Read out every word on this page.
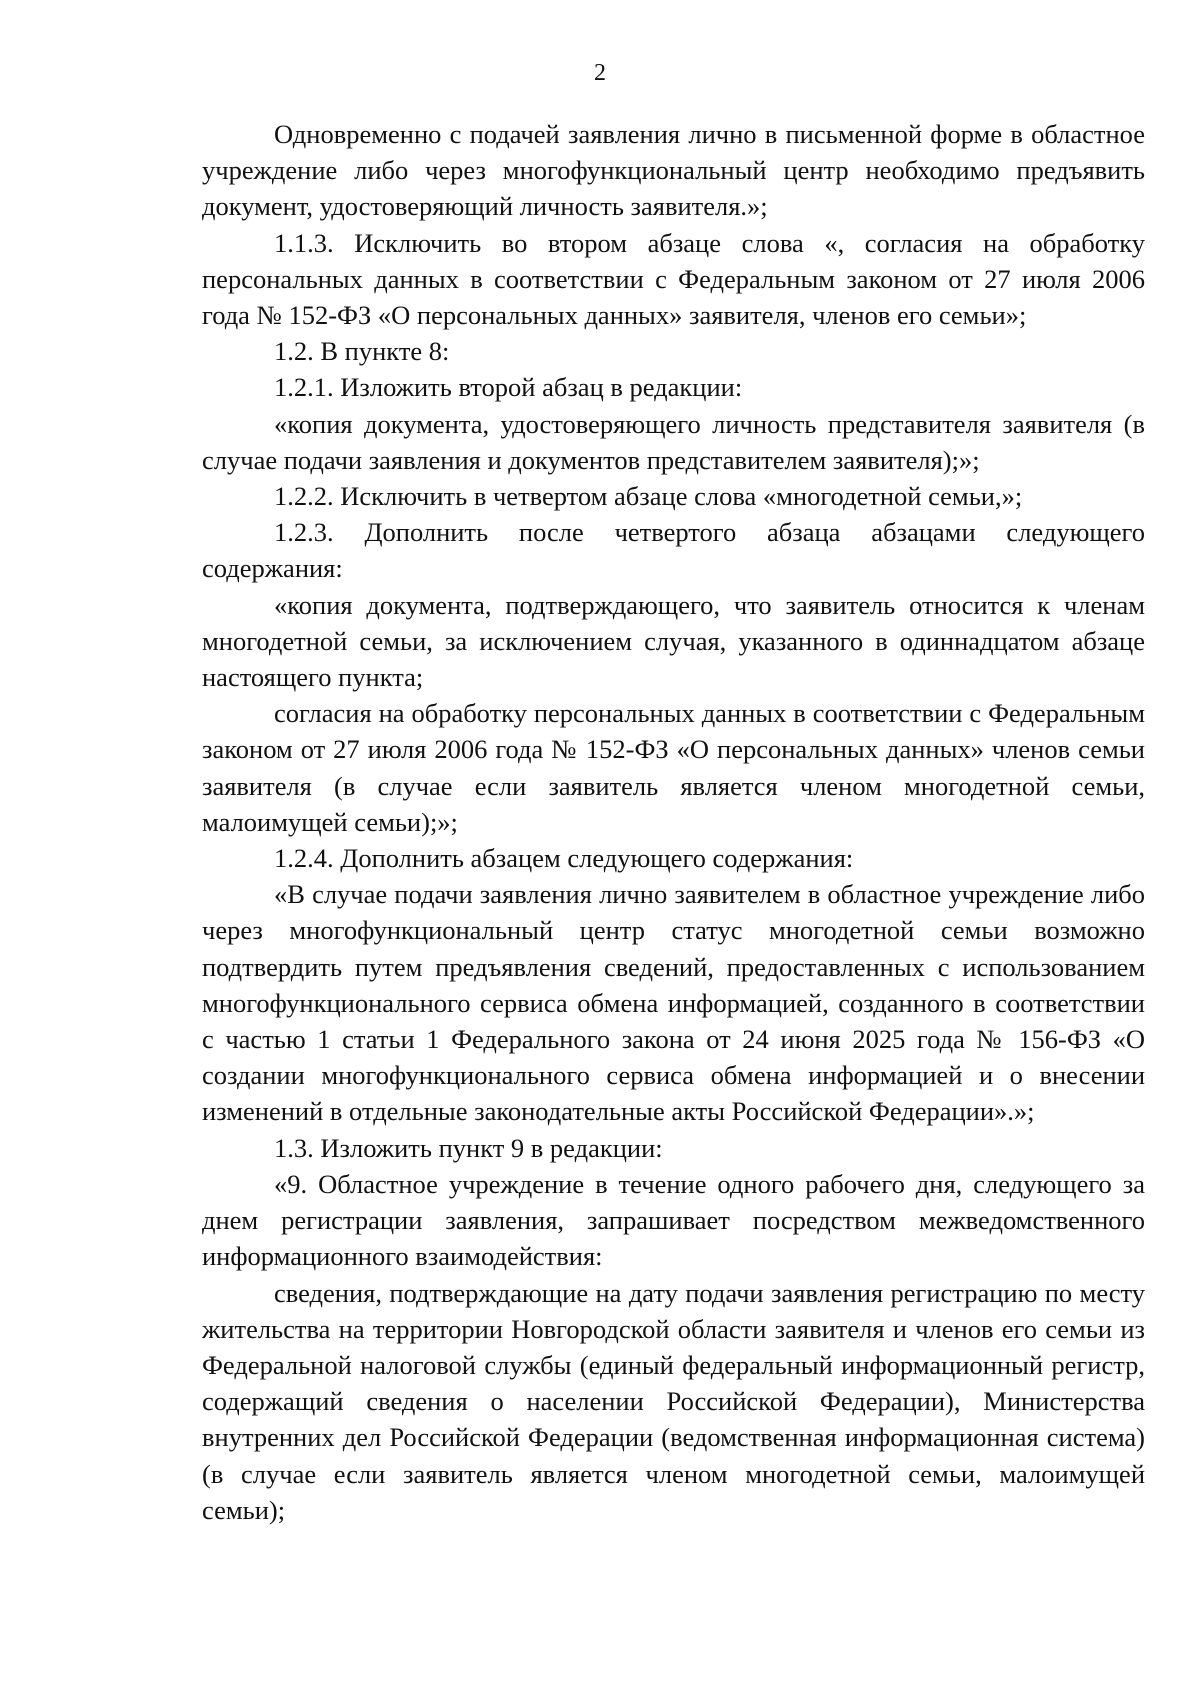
2

Одновременно с подачей заявления лично в письменной форме в областное учреждение либо через многофункциональный центр необходимо предъявить документ, удостоверяющий личность заявителя.»;

1.1.3. Исключить во втором абзаце слова «, согласия на обработку персональных данных в соответствии с Федеральным законом от 27 июля 2006 года № 152-ФЗ «О персональных данных» заявителя, членов его семьи»;

1.2. В пункте 8:

1.2.1. Изложить второй абзац в редакции:

«копия документа, удостоверяющего личность представителя заявителя (в случае подачи заявления и документов представителем заявителя);»;

1.2.2. Исключить в четвертом абзаце слова «многодетной семьи,»;

1.2.3. Дополнить после четвертого абзаца абзацами следующего содержания:

«копия документа, подтверждающего, что заявитель относится к членам многодетной семьи, за исключением случая, указанного в одиннадцатом абзаце настоящего пункта;

согласия на обработку персональных данных в соответствии с Федеральным законом от 27 июля 2006 года № 152-ФЗ «О персональных данных» членов семьи заявителя (в случае если заявитель является членом многодетной семьи, малоимущей семьи);»;

1.2.4. Дополнить абзацем следующего содержания:

«В случае подачи заявления лично заявителем в областное учреждение либо через многофункциональный центр статус многодетной семьи возможно подтвердить путем предъявления сведений, предоставленных с использованием многофункционального сервиса обмена информацией, созданного в соответствии с частью 1 статьи 1 Федерального закона от 24 июня 2025 года № 156-ФЗ «О создании многофункционального сервиса обмена информацией и о внесении изменений в отдельные законодательные акты Российской Федерации».»;

1.3. Изложить пункт 9 в редакции:

«9. Областное учреждение в течение одного рабочего дня, следующего за днем регистрации заявления, запрашивает посредством межведомственного информационного взаимодействия:

сведения, подтверждающие на дату подачи заявления регистрацию по месту жительства на территории Новгородской области заявителя и членов его семьи из Федеральной налоговой службы (единый федеральный информационный регистр, содержащий сведения о населении Российской Федерации), Министерства внутренних дел Российской Федерации (ведомственная информационная система) (в случае если заявитель является членом многодетной семьи, малоимущей семьи);
